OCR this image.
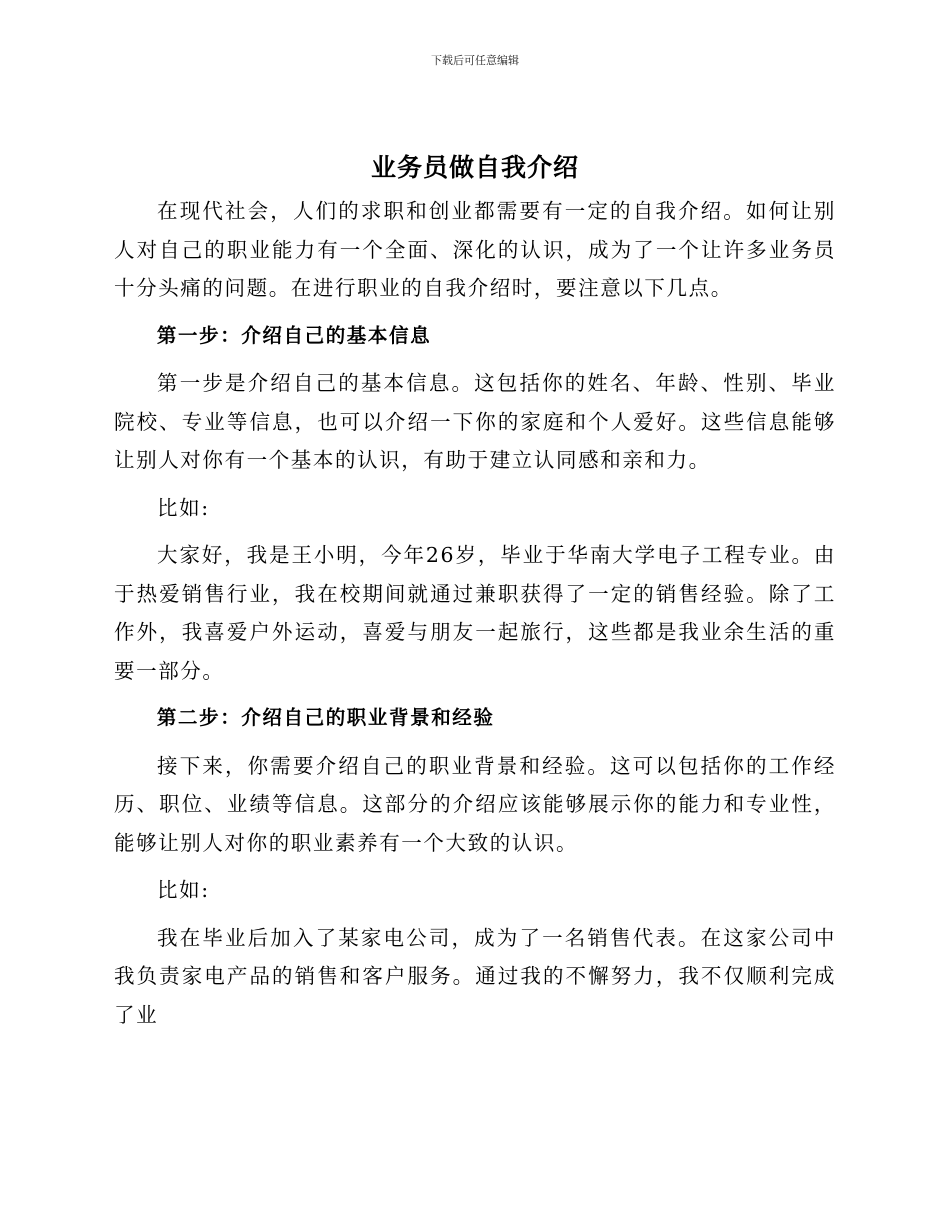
下载后可任意编辑
业务员做自我介绍

在现代社会，人们的求职和创业都需要有一定的自我介绍。如何让别人对自己的职业能力有一个全面、深化的认识，成为了一个让许多业务员十分头痛的问题。在进行职业的自我介绍时，要注意以下几点。

第一步：介绍自己的基本信息

第一步是介绍自己的基本信息。这包括你的姓名、年龄、性别、毕业院校、专业等信息，也可以介绍一下你的家庭和个人爱好。这些信息能够让别人对你有一个基本的认识，有助于建立认同感和亲和力。

比如:

大家好，我是王小明，今年26岁，毕业于华南大学电子工程专业。由于热爱销售行业，我在校期间就通过兼职获得了一定的销售经验。除了工作外，我喜爱户外运动，喜爱与朋友一起旅行，这些都是我业余生活的重要一部分。

第二步：介绍自己的职业背景和经验

接下来，你需要介绍自己的职业背景和经验。这可以包括你的工作经历、职位、业绩等信息。这部分的介绍应该能够展示你的能力和专业性，能够让别人对你的职业素养有一个大致的认识。

比如:

我在毕业后加入了某家电公司，成为了一名销售代表。在这家公司中我负责家电产品的销售和客户服务。通过我的不懈努力，我不仅顺利完成了业
